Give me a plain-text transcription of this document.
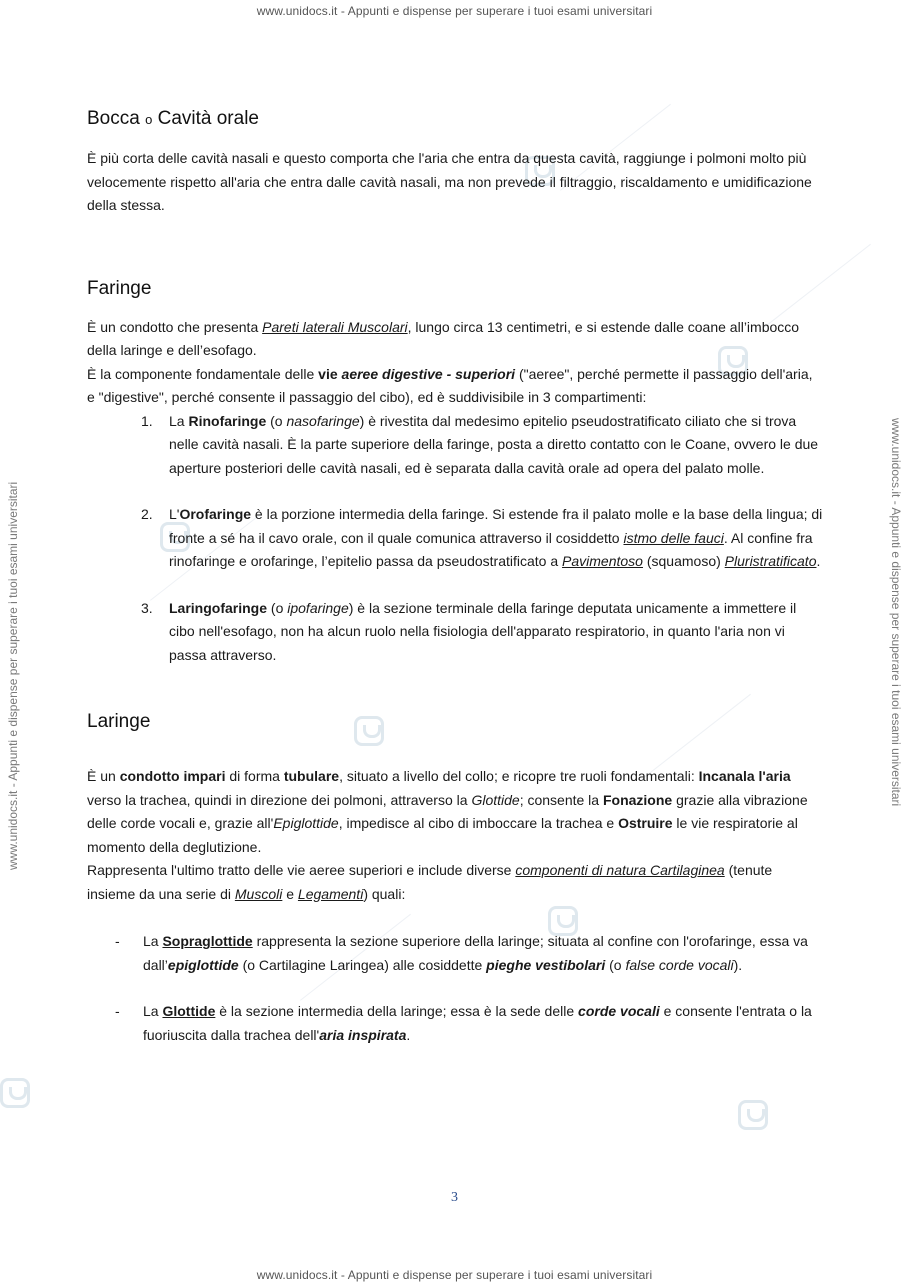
www.unidocs.it - Appunti e dispense per superare i tuoi esami universitari
www.unidocs.it - Appunti e dispense per superare i tuoi esami universitari
www.unidocs.it - Appunti e dispense per superare i tuoi esami universitari	www.unidocs.it - Appunti e dispense per superare i tuoi esami universitari
Bocca o Cavità orale

È più corta delle cavità nasali e questo comporta che l'aria che entra da questa cavità, raggiunge i polmoni molto più velocemente rispetto all'aria che entra dalle cavità nasali, ma non prevede il filtraggio, riscaldamento e umidificazione della stessa.

Faringe

È un condotto che presenta Pareti laterali Muscolari, lungo circa 13 centimetri, e si estende dalle coane all’imbocco della laringe e dell’esofago.

È la componente fondamentale delle vie aeree digestive - superiori ("aeree", perché permette il passaggio dell'aria, e "digestive", perché consente il passaggio del cibo), ed è suddivisibile in 3 compartimenti:

1. La Rinofaringe (o nasofaringe) è rivestita dal medesimo epitelio pseudostratificato ciliato che si trova nelle cavità nasali. È la parte superiore della faringe, posta a diretto contatto con le Coane, ovvero le due aperture posteriori delle cavità nasali, ed è separata dalla cavità orale ad opera del palato molle.
2. L'Orofaringe è la porzione intermedia della faringe. Si estende fra il palato molle e la base della lingua; di fronte a sé ha il cavo orale, con il quale comunica attraverso il cosiddetto istmo delle fauci. Al confine fra rinofaringe e orofaringe, l’epitelio passa da pseudostratificato a Pavimentoso (squamoso) Pluristratificato.
3. Laringofaringe (o ipofaringe) è la sezione terminale della faringe deputata unicamente a immettere il cibo nell'esofago, non ha alcun ruolo nella fisiologia dell'apparato respiratorio, in quanto l'aria non vi passa attraverso.
Laringe

È un condotto impari di forma tubulare, situato a livello del collo; e ricopre tre ruoli fondamentali: Incanala l'aria verso la trachea, quindi in direzione dei polmoni, attraverso la Glottide; consente la Fonazione grazie alla vibrazione delle corde vocali e, grazie all'Epiglottide, impedisce al cibo di imboccare la trachea e Ostruire le vie respiratorie al momento della deglutizione.

Rappresenta l'ultimo tratto delle vie aeree superiori e include diverse componenti di natura Cartilaginea (tenute insieme da una serie di Muscoli e Legamenti) quali:

- La Sopraglottide rappresenta la sezione superiore della laringe; situata al confine con l'orofaringe, essa va dall’epiglottide (o Cartilagine Laringea) alle cosiddette pieghe vestibolari (o false corde vocali).
- La Glottide è la sezione intermedia della laringe; essa è la sede delle corde vocali e consente l'entrata o la fuoriuscita dalla trachea dell'aria inspirata.
3
